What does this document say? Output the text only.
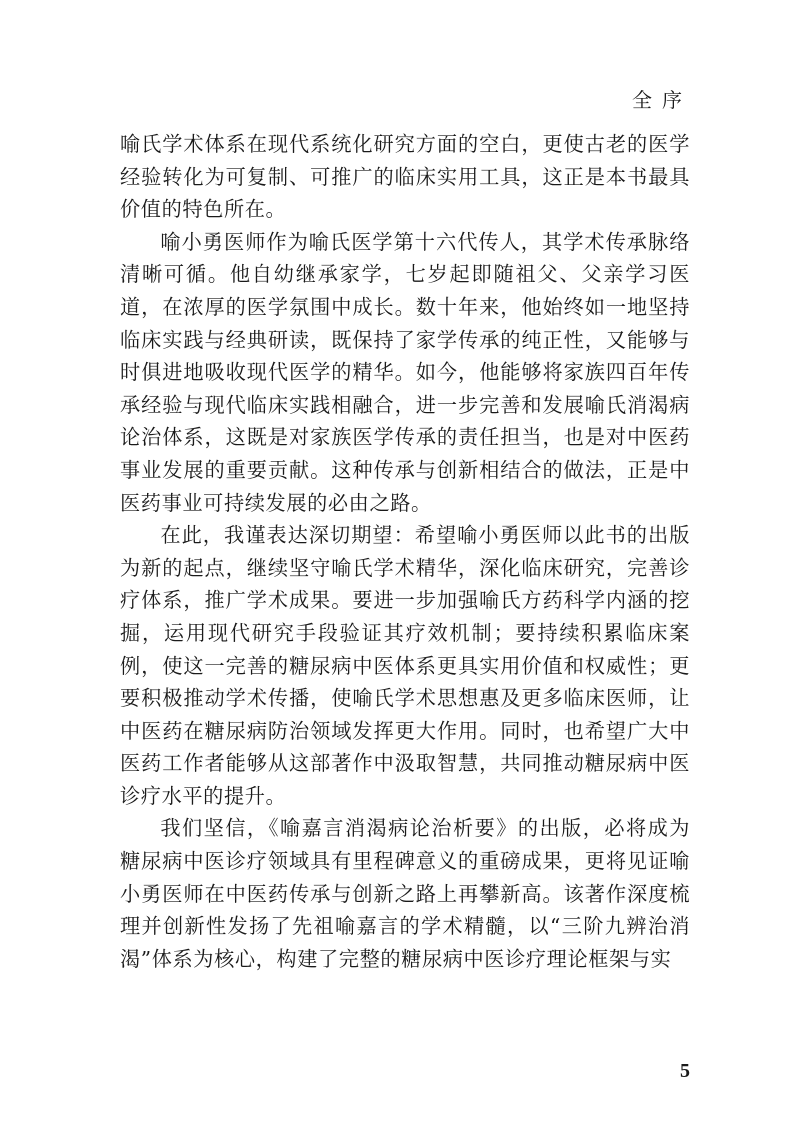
全序

喻氏学术体系在现代系统化研究方面的空白，更使古老的医学经验转化为可复制、可推广的临床实用工具，这正是本书最具价值的特色所在。

喻小勇医师作为喻氏医学第十六代传人，其学术传承脉络清晰可循。他自幼继承家学，七岁起即随祖父、父亲学习医道，在浓厚的医学氛围中成长。数十年来，他始终如一地坚持临床实践与经典研读，既保持了家学传承的纯正性，又能够与时俱进地吸收现代医学的精华。如今，他能够将家族四百年传承经验与现代临床实践相融合，进一步完善和发展喻氏消渴病论治体系，这既是对家族医学传承的责任担当，也是对中医药事业发展的重要贡献。这种传承与创新相结合的做法，正是中医药事业可持续发展的必由之路。

在此，我谨表达深切期望：希望喻小勇医师以此书的出版为新的起点，继续坚守喻氏学术精华，深化临床研究，完善诊疗体系，推广学术成果。要进一步加强喻氏方药科学内涵的挖掘，运用现代研究手段验证其疗效机制；要持续积累临床案例，使这一完善的糖尿病中医体系更具实用价值和权威性；更要积极推动学术传播，使喻氏学术思想惠及更多临床医师，让中医药在糖尿病防治领域发挥更大作用。同时，也希望广大中医药工作者能够从这部著作中汲取智慧，共同推动糖尿病中医诊疗水平的提升。

我们坚信，《喻嘉言消渴病论治析要》的出版，必将成为糖尿病中医诊疗领域具有里程碑意义的重磅成果，更将见证喻小勇医师在中医药传承与创新之路上再攀新高。该著作深度梳理并创新性发扬了先祖喻嘉言的学术精髓，以“三阶九辨治消渴”体系为核心，构建了完整的糖尿病中医诊疗理论框架与实

5
